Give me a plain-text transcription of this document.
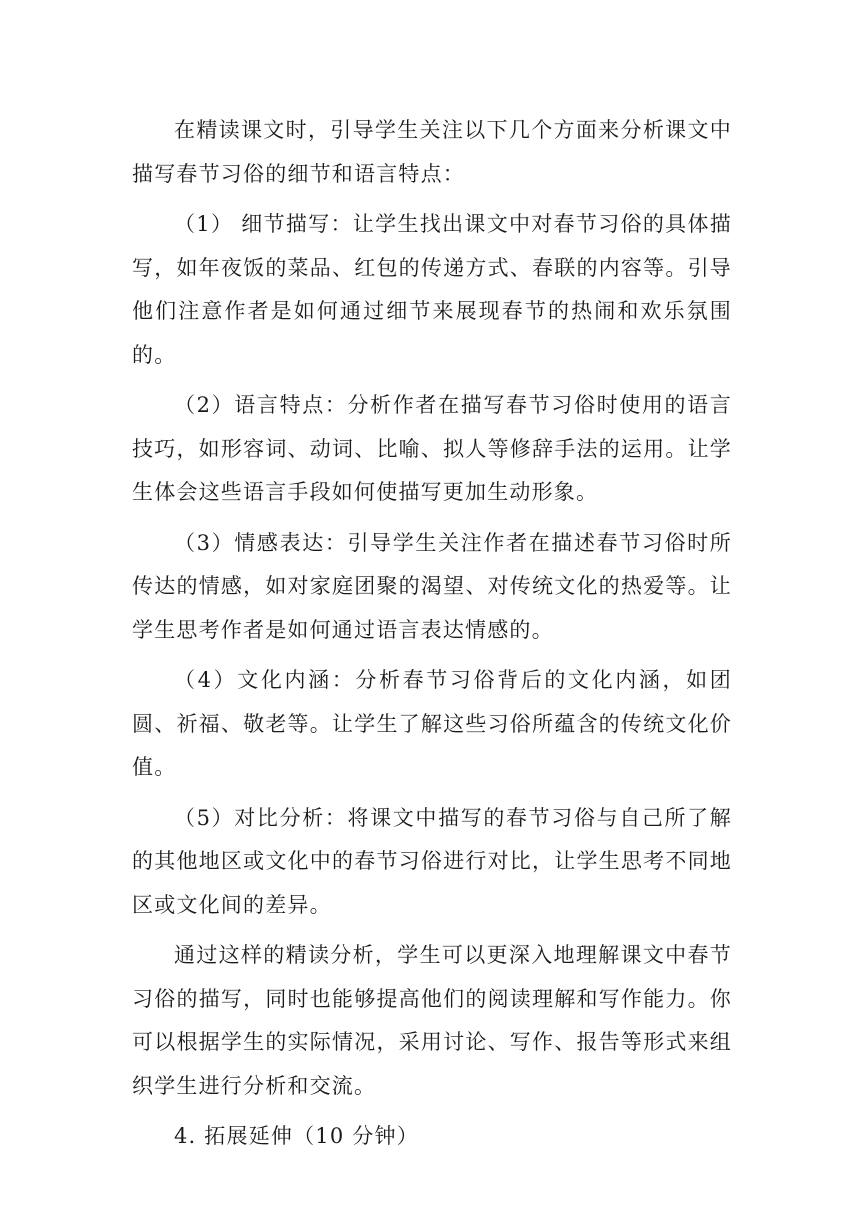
在精读课文时，引导学生关注以下几个方面来分析课文中描写春节习俗的细节和语言特点：

（1） 细节描写：让学生找出课文中对春节习俗的具体描写，如年夜饭的菜品、红包的传递方式、春联的内容等。引导他们注意作者是如何通过细节来展现春节的热闹和欢乐氛围的。

（2）语言特点：分析作者在描写春节习俗时使用的语言技巧，如形容词、动词、比喻、拟人等修辞手法的运用。让学生体会这些语言手段如何使描写更加生动形象。

（3）情感表达：引导学生关注作者在描述春节习俗时所传达的情感，如对家庭团聚的渴望、对传统文化的热爱等。让学生思考作者是如何通过语言表达情感的。

（4）文化内涵：分析春节习俗背后的文化内涵，如团圆、祈福、敬老等。让学生了解这些习俗所蕴含的传统文化价值。

（5）对比分析：将课文中描写的春节习俗与自己所了解的其他地区或文化中的春节习俗进行对比，让学生思考不同地区或文化间的差异。

通过这样的精读分析，学生可以更深入地理解课文中春节习俗的描写，同时也能够提高他们的阅读理解和写作能力。你可以根据学生的实际情况，采用讨论、写作、报告等形式来组织学生进行分析和交流。

4. 拓展延伸（10 分钟）
